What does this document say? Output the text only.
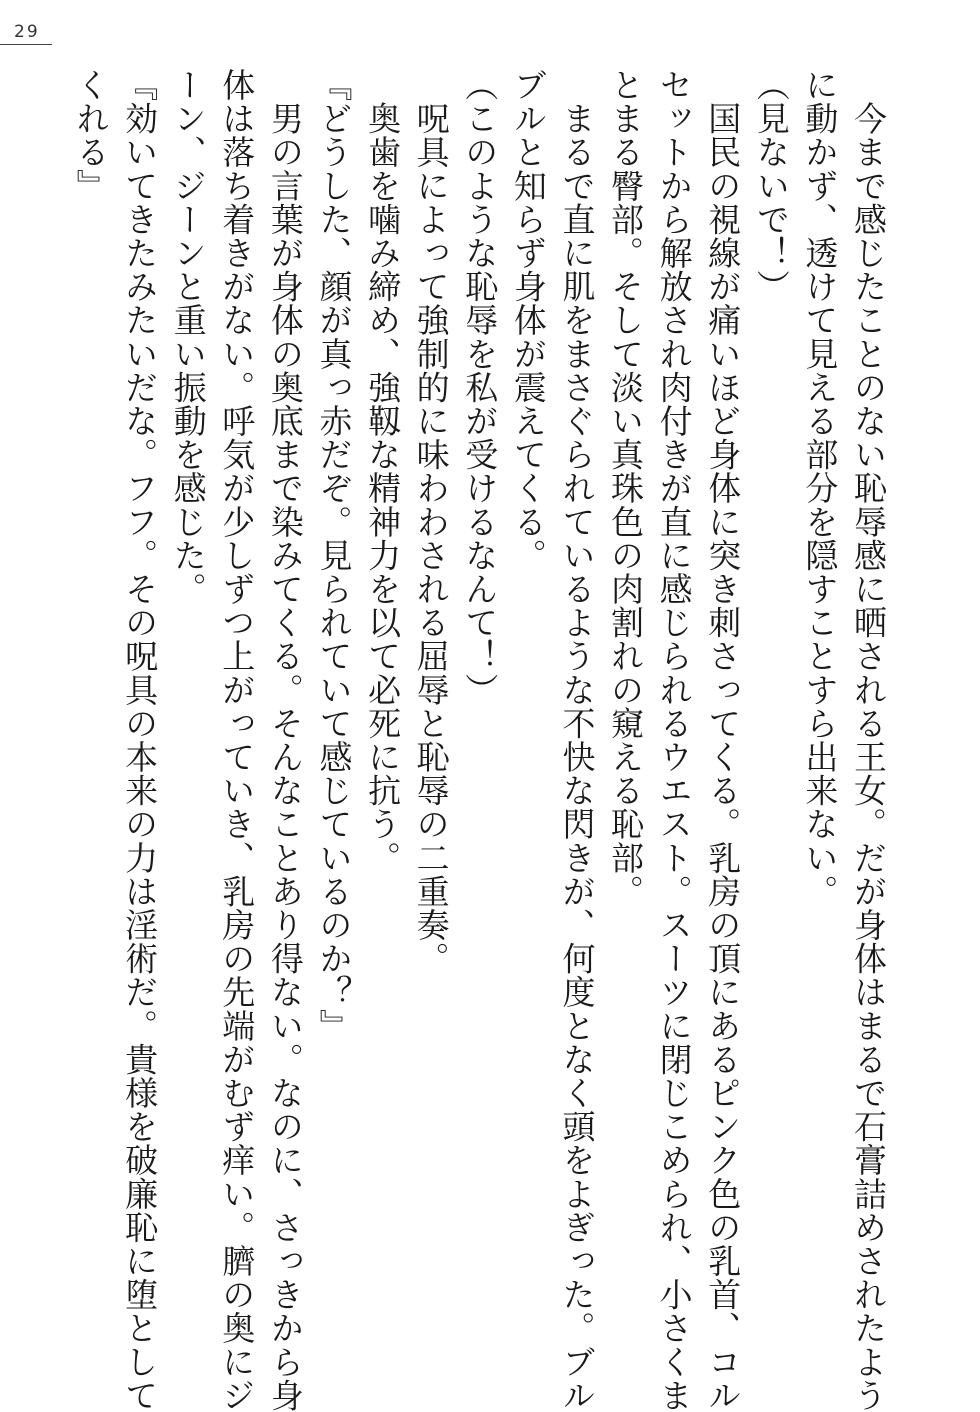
29
　今まで感じたことのない恥辱感に晒される王女。だが身体はまるで石膏詰めされたよう
に動かず、透けて見える部分を隠すことすら出来ない。
（見ないで！）
　国民の視線が痛いほど身体に突き刺さってくる。乳房の頂にあるピンク色の乳首、コル
セットから解放され肉付きが直に感じられるウエスト。スーツに閉じこめられ、小さくま
とまる臀部。そして淡い真珠色の肉割れの窺える恥部。
　まるで直に肌をまさぐられているような不快な閃きが、何度となく頭をよぎった。ブル
ブルと知らず身体が震えてくる。
（このような恥辱を私が受けるなんて！）
　呪具によって強制的に味わわされる屈辱と恥辱の二重奏。
　奥歯を噛み締め、強靱な精神力を以て必死に抗う。
『どうした、顔が真っ赤だぞ。見られていて感じているのか？』
　男の言葉が身体の奥底まで染みてくる。そんなことあり得ない。なのに、さっきから身
体は落ち着きがない。呼気が少しずつ上がっていき、乳房の先端がむず痒い。臍の奥にジ
ーン、ジーンと重い振動を感じた。
『効いてきたみたいだな。フフ。その呪具の本来の力は淫術だ。貴様を破廉恥に堕として
くれる』
